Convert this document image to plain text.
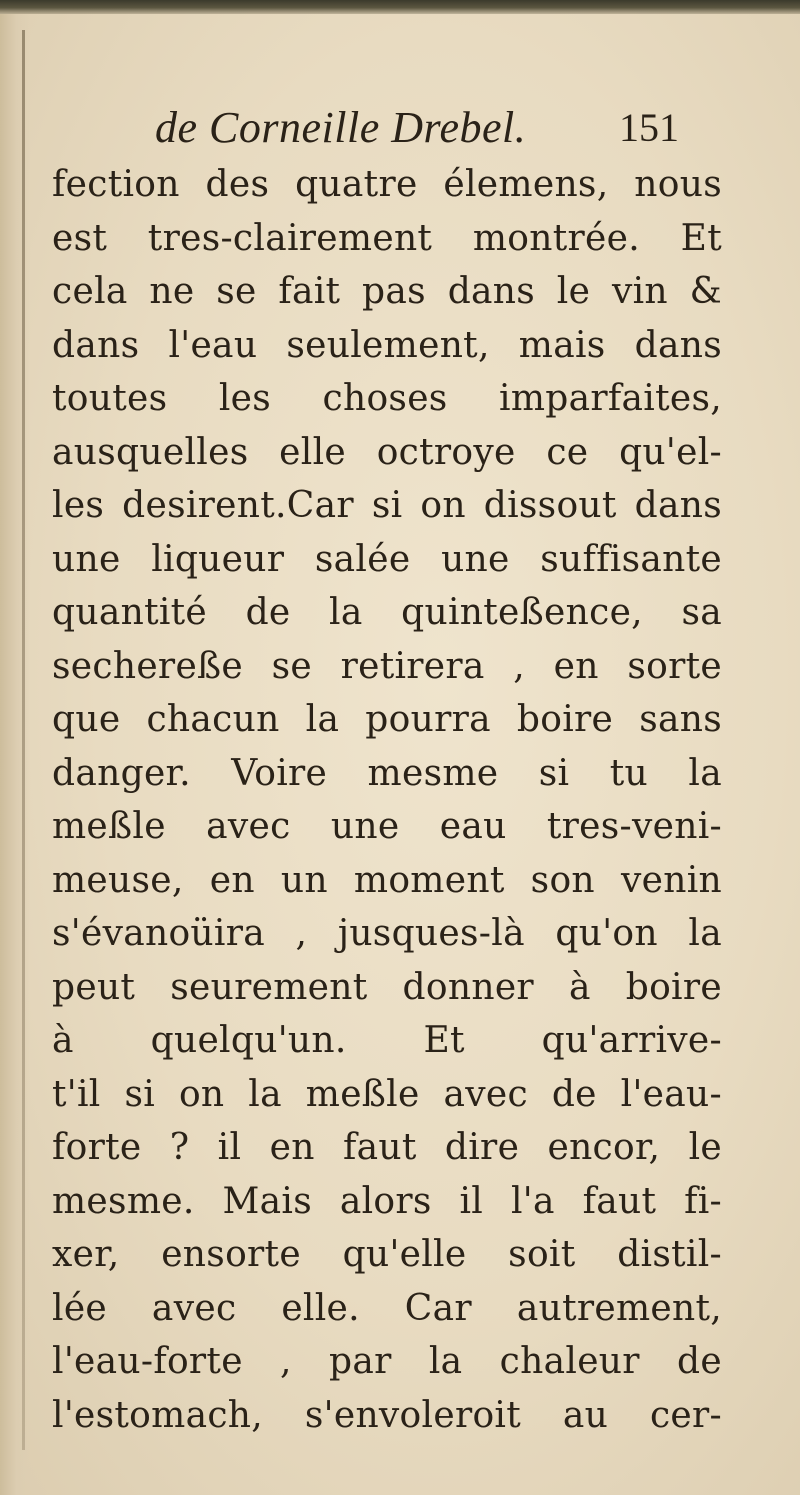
de Corneille Drebel. 151
fection des quatre élemens, nous
est tres-clairement montrée. Et
cela ne se fait pas dans le vin &
dans l'eau seulement, mais dans
toutes les choses imparfaites,
ausquelles elle octroye ce qu'el-
les desirent.Car si on dissout dans
une liqueur salée une suffisante
quantité de la quinteßence, sa
sechereße se retirera , en sorte
que chacun la pourra boire sans
danger. Voire mesme si tu la
meßle avec une eau tres-veni-
meuse, en un moment son venin
s'évanoüira , jusques-là qu'on la
peut seurement donner à boire
à quelqu'un. Et qu'arrive-
t'il si on la meßle avec de l'eau-
forte ? il en faut dire encor, le
mesme. Mais alors il l'a faut fi-
xer, ensorte qu'elle soit distil-
lée avec elle. Car autrement,
l'eau-forte , par la chaleur de
l'estomach, s'envoleroit au cer-
